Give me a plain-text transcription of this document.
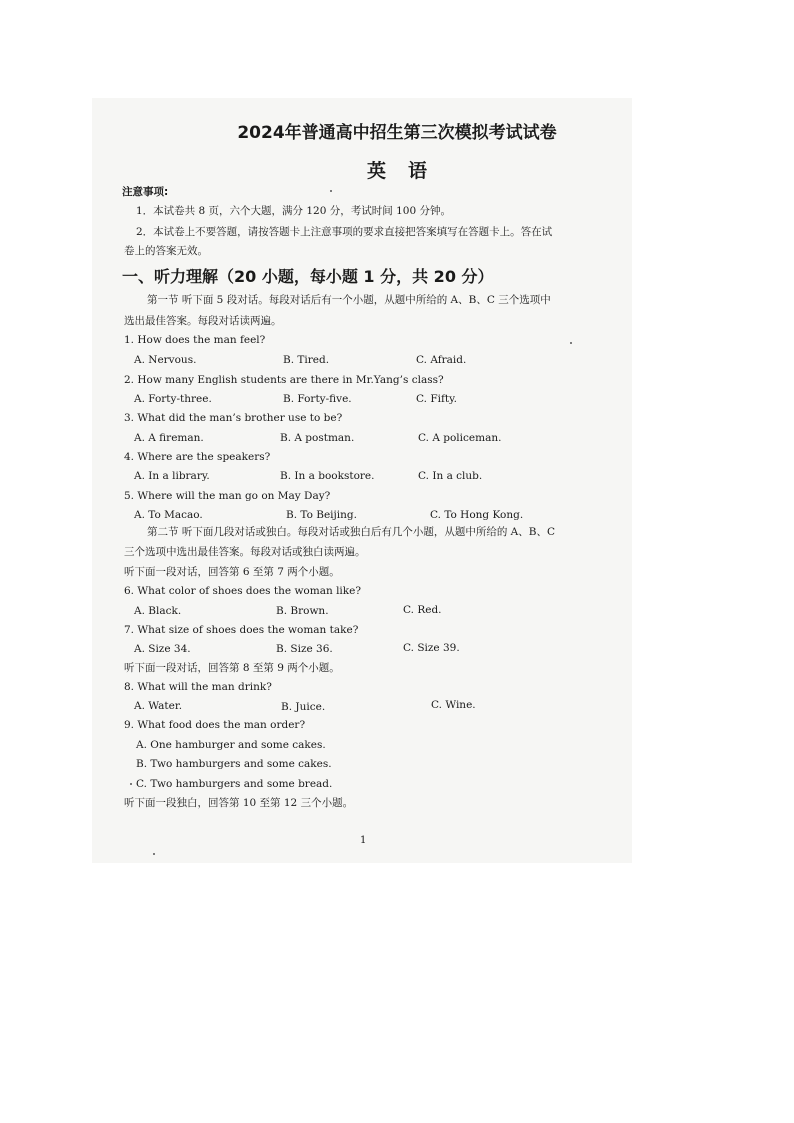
2024年普通高中招生第三次模拟考试试卷
英语
注意事项:
1．本试卷共 8 页，六个大题，满分 120 分，考试时间 100 分钟。
2．本试卷上不要答题，请按答题卡上注意事项的要求直接把答案填写在答题卡上。答在试
卷上的答案无效。
一、听力理解（20 小题，每小题 1 分，共 20 分）
第一节 听下面 5 段对话。每段对话后有一个小题，从题中所给的 A、B、C 三个选项中
选出最佳答案。每段对话读两遍。
1. How does the man feel?
A. Nervous.	B. Tired.	C. Afraid.
2. How many English students are there in Mr.Yang’s class?
A. Forty-three.	B. Forty-five.	C. Fifty.
3. What did the man’s brother use to be?
A. A fireman.	B. A postman.	C. A policeman.
4. Where are the speakers?
A. In a library.	B. In a bookstore.	C. In a club.
5. Where will the man go on May Day?
A. To Macao.	B. To Beijing.	C. To Hong Kong.
第二节 听下面几段对话或独白。每段对话或独白后有几个小题，从题中所给的 A、B、C
三个选项中选出最佳答案。每段对话或独白读两遍。
听下面一段对话，回答第 6 至第 7 两个小题。
6. What color of shoes does the woman like?
A. Black.	B. Brown.	C. Red.
7. What size of shoes does the woman take?
A. Size 34.	B. Size 36.	C. Size 39.
听下面一段对话，回答第 8 至第 9 两个小题。
8. What will the man drink?
A. Water.	B. Juice.	C. Wine.
9. What food does the man order?
A. One hamburger and some cakes.
B. Two hamburgers and some cakes.
C. Two hamburgers and some bread.
听下面一段独白，回答第 10 至第 12 三个小题。
1
